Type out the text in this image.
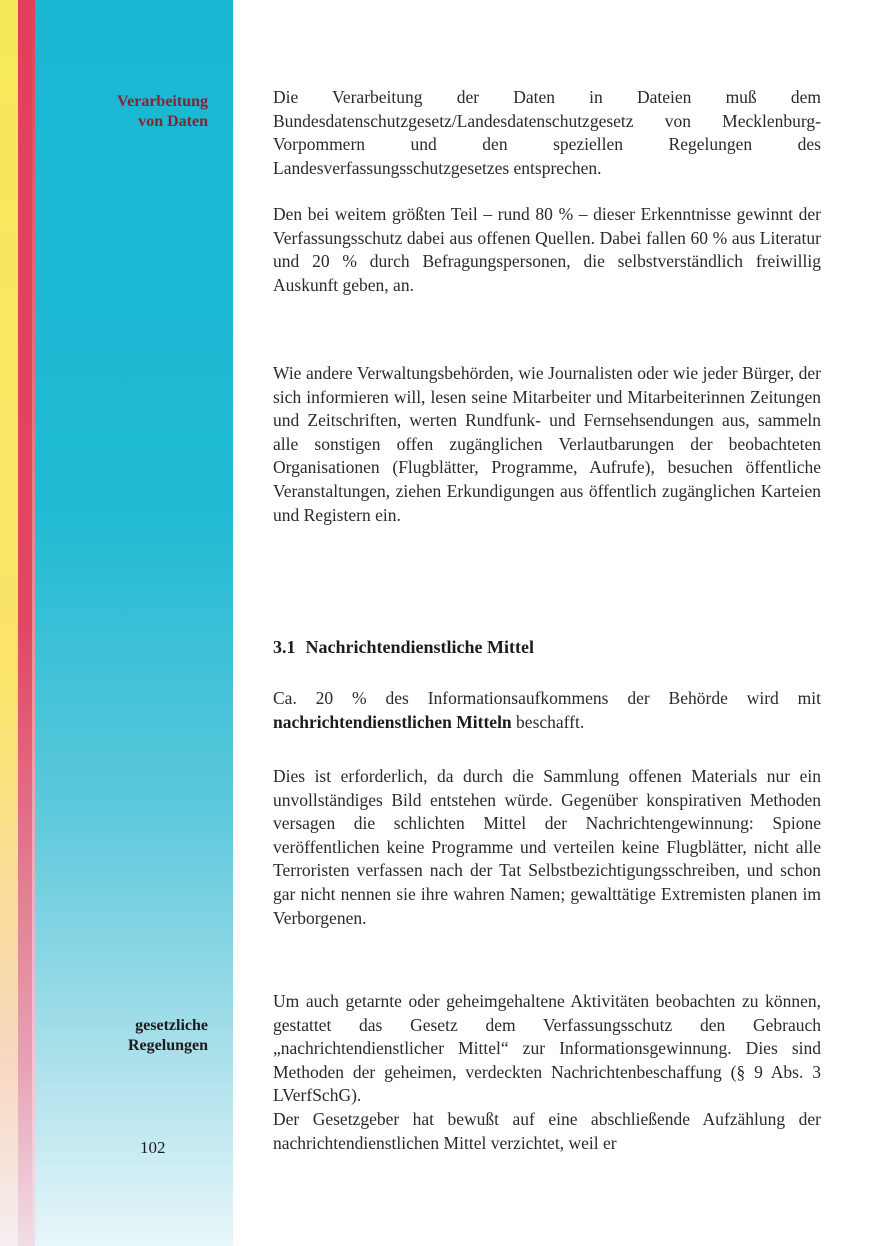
Verarbeitung
von Daten
gesetzliche
Regelungen
102

Die Verarbeitung der Daten in Dateien muß dem Bundesdatenschutzgesetz/Landesdatenschutzgesetz von Mecklenburg-Vorpommern und den speziellen Regelungen des Landesverfassungsschutzgesetzes entsprechen.

Den bei weitem größten Teil – rund 80 % – dieser Erkenntnisse gewinnt der Verfassungsschutz dabei aus offenen Quellen. Dabei fallen 60 % aus Literatur und 20 % durch Befragungspersonen, die selbstverständlich freiwillig Auskunft geben, an.

Wie andere Verwaltungsbehörden, wie Journalisten oder wie jeder Bürger, der sich informieren will, lesen seine Mitarbeiter und Mitarbeiterinnen Zeitungen und Zeitschriften, werten Rundfunk- und Fernsehsendungen aus, sammeln alle sonstigen offen zugänglichen Verlautbarungen der beobachteten Organisationen (Flugblätter, Programme, Aufrufe), besuchen öffentliche Veranstaltungen, ziehen Erkundigungen aus öffentlich zugänglichen Karteien und Registern ein.

3.1 Nachrichtendienstliche Mittel

Ca. 20 % des Informationsaufkommens der Behörde wird mit nachrichtendienstlichen Mitteln beschafft.

Dies ist erforderlich, da durch die Sammlung offenen Materials nur ein unvollständiges Bild entstehen würde. Gegenüber konspirativen Methoden versagen die schlichten Mittel der Nachrichtengewinnung: Spione veröffentlichen keine Programme und verteilen keine Flugblätter, nicht alle Terroristen verfassen nach der Tat Selbstbezichtigungsschreiben, und schon gar nicht nennen sie ihre wahren Namen; gewalttätige Extremisten planen im Verborgenen.

Um auch getarnte oder geheimgehaltene Aktivitäten beobachten zu können, gestattet das Gesetz dem Verfassungsschutz den Gebrauch „nachrichtendienstlicher Mittel“ zur Informationsgewinnung. Dies sind Methoden der geheimen, verdeckten Nachrichtenbeschaffung (§ 9 Abs. 3 LVerfSchG).
Der Gesetzgeber hat bewußt auf eine abschließende Aufzählung der nachrichtendienstlichen Mittel verzichtet, weil er
